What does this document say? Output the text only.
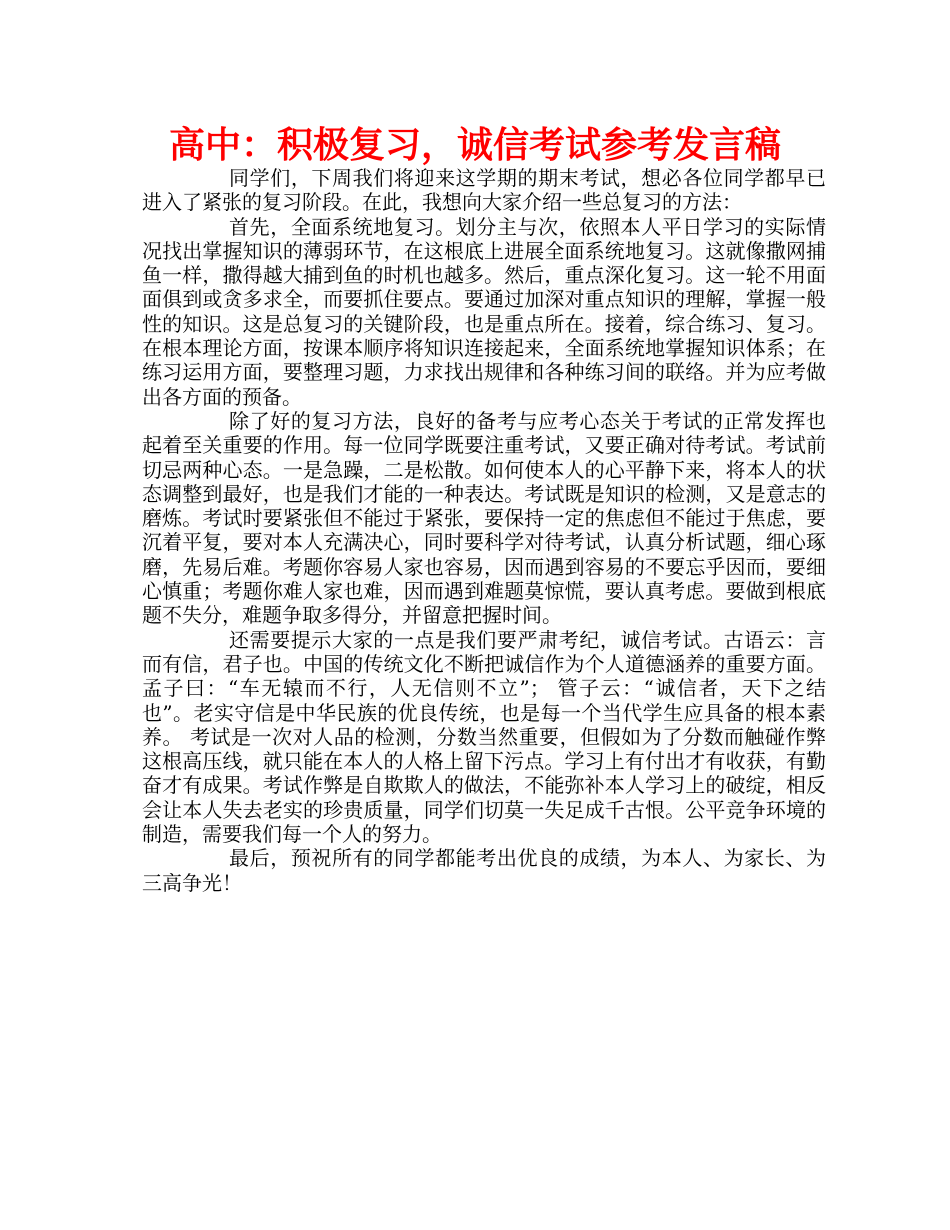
高中：积极复习，诚信考试参考发言稿

同学们，下周我们将迎来这学期的期末考试，想必各位同学都早已进入了紧张的复习阶段。在此，我想向大家介绍一些总复习的方法：

首先，全面系统地复习。划分主与次，依照本人平日学习的实际情况找出掌握知识的薄弱环节，在这根底上进展全面系统地复习。这就像撒网捕鱼一样，撒得越大捕到鱼的时机也越多。然后，重点深化复习。这一轮不用面面俱到或贪多求全，而要抓住要点。要通过加深对重点知识的理解，掌握一般性的知识。这是总复习的关键阶段，也是重点所在。接着，综合练习、复习。在根本理论方面，按课本顺序将知识连接起来，全面系统地掌握知识体系；在练习运用方面，要整理习题，力求找出规律和各种练习间的联络。并为应考做出各方面的预备。

除了好的复习方法，良好的备考与应考心态关于考试的正常发挥也起着至关重要的作用。每一位同学既要注重考试，又要正确对待考试。考试前切忌两种心态。一是急躁，二是松散。如何使本人的心平静下来，将本人的状态调整到最好，也是我们才能的一种表达。考试既是知识的检测，又是意志的磨炼。考试时要紧张但不能过于紧张，要保持一定的焦虑但不能过于焦虑，要沉着平复，要对本人充满决心，同时要科学对待考试，认真分析试题，细心琢磨，先易后难。考题你容易人家也容易，因而遇到容易的不要忘乎因而，要细心慎重；考题你难人家也难，因而遇到难题莫惊慌，要认真考虑。要做到根底题不失分，难题争取多得分，并留意把握时间。

还需要提示大家的一点是我们要严肃考纪，诚信考试。古语云：言而有信，君子也。中国的传统文化不断把诚信作为个人道德涵养的重要方面。孟子曰：“车无辕而不行，人无信则不立”； 管子云：“诚信者，天下之结也”。老实守信是中华民族的优良传统，也是每一个当代学生应具备的根本素养。 考试是一次对人品的检测，分数当然重要，但假如为了分数而触碰作弊这根高压线，就只能在本人的人格上留下污点。学习上有付出才有收获，有勤奋才有成果。考试作弊是自欺欺人的做法，不能弥补本人学习上的破绽，相反会让本人失去老实的珍贵质量，同学们切莫一失足成千古恨。公平竞争环境的制造，需要我们每一个人的努力。

最后，预祝所有的同学都能考出优良的成绩，为本人、为家长、为三高争光！
